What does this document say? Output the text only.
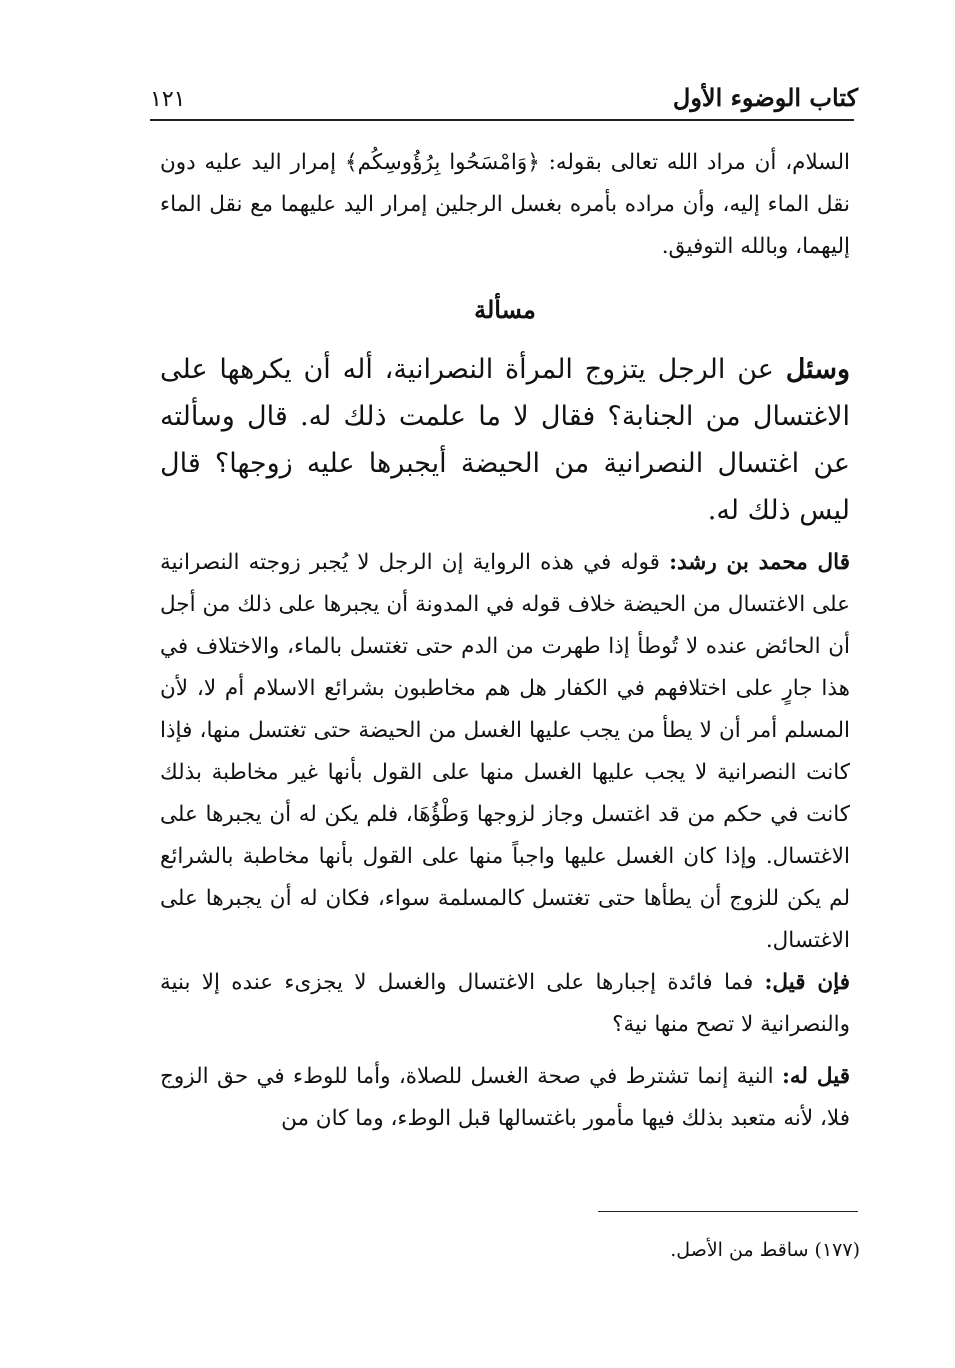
كتاب الوضوء الأول
١٢١

السلام، أن مراد الله تعالى بقوله: ﴿وَامْسَحُوا بِرُؤُوسِكُم﴾ إمرار اليد عليه دون نقل الماء إليه، وأن مراده بأمره بغسل الرجلين إمرار اليد عليهما مع نقل الماء إليهما، وبالله التوفيق.

مسألة

وسئل عن الرجل يتزوج المرأة النصرانية، أله أن يكرهها على الاغتسال من الجنابة؟ فقال لا ما علمت ذلك له. قال وسألته عن اغتسال النصرانية من الحيضة أيجبرها عليه زوجها؟ قال ليس ذلك له.

قال محمد بن رشد: قوله في هذه الرواية إن الرجل لا يُجبر زوجته النصرانية على الاغتسال من الحيضة خلاف قوله في المدونة أن يجبرها على ذلك من أجل أن الحائض عنده لا تُوطأ إذا طهرت من الدم حتى تغتسل بالماء، والاختلاف في هذا جارٍ على اختلافهم في الكفار هل هم مخاطبون بشرائع الاسلام أم لا، لأن المسلم أمر أن لا يطأ من يجب عليها الغسل من الحيضة حتى تغتسل منها، فإذا كانت النصرانية لا يجب عليها الغسل منها على القول بأنها غير مخاطبة بذلك كانت في حكم من قد اغتسل وجاز لزوجها وَطْؤُهَا، فلم يكن له أن يجبرها على الاغتسال. وإذا كان الغسل عليها واجباً منها على القول بأنها مخاطبة بالشرائع لم يكن للزوج أن يطأها حتى تغتسل كالمسلمة سواء، فكان له أن يجبرها على الاغتسال.

فإن قيل: فما فائدة إجبارها على الاغتسال والغسل لا يجزىء عنده إلا بنية والنصرانية لا تصح منها نية؟

قيل له: النية إنما تشترط في صحة الغسل للصلاة، وأما للوطء في حق الزوج فلا، لأنه متعبد بذلك فيها مأمور باغتسالها قبل الوطء، وما كان من

(١٧٧) ساقط من الأصل.
